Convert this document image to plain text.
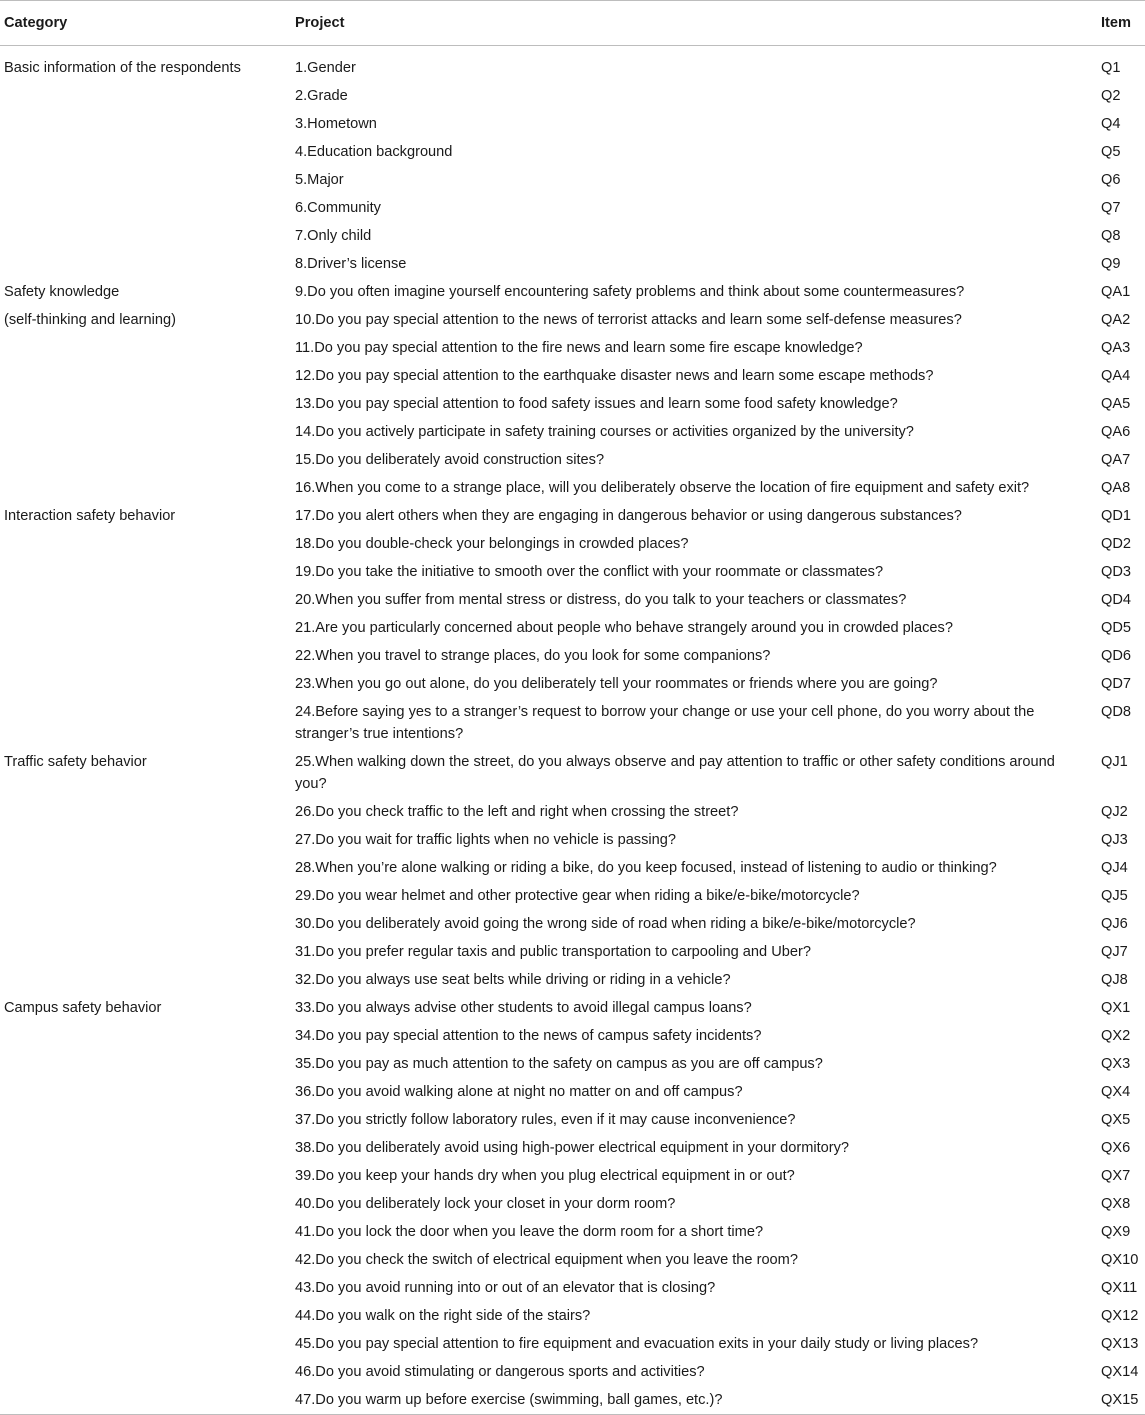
Category	Project	Item
Basic information of the respondents	1.Gender	Q1
	2.Grade	Q2
	3.Hometown	Q4
	4.Education background	Q5
	5.Major	Q6
	6.Community	Q7
	7.Only child	Q8
	8.Driver’s license	Q9
Safety knowledge	9.Do you often imagine yourself encountering safety problems and think about some countermeasures?	QA1
(self-thinking and learning)	10.Do you pay special attention to the news of terrorist attacks and learn some self-defense measures?	QA2
	11.Do you pay special attention to the fire news and learn some fire escape knowledge?	QA3
	12.Do you pay special attention to the earthquake disaster news and learn some escape methods?	QA4
	13.Do you pay special attention to food safety issues and learn some food safety knowledge?	QA5
	14.Do you actively participate in safety training courses or activities organized by the university?	QA6
	15.Do you deliberately avoid construction sites?	QA7
	16.When you come to a strange place, will you deliberately observe the location of fire equipment and safety exit?	QA8
Interaction safety behavior	17.Do you alert others when they are engaging in dangerous behavior or using dangerous substances?	QD1
	18.Do you double-check your belongings in crowded places?	QD2
	19.Do you take the initiative to smooth over the conflict with your roommate or classmates?	QD3
	20.When you suffer from mental stress or distress, do you talk to your teachers or classmates?	QD4
	21.Are you particularly concerned about people who behave strangely around you in crowded places?	QD5
	22.When you travel to strange places, do you look for some companions?	QD6
	23.When you go out alone, do you deliberately tell your roommates or friends where you are going?	QD7
	24.Before saying yes to a stranger’s request to borrow your change or use your cell phone, do you worry about the stranger’s true intentions?	QD8
Traffic safety behavior	25.When walking down the street, do you always observe and pay attention to traffic or other safety conditions around you?	QJ1
	26.Do you check traffic to the left and right when crossing the street?	QJ2
	27.Do you wait for traffic lights when no vehicle is passing?	QJ3
	28.When you’re alone walking or riding a bike, do you keep focused, instead of listening to audio or thinking?	QJ4
	29.Do you wear helmet and other protective gear when riding a bike/e-bike/motorcycle?	QJ5
	30.Do you deliberately avoid going the wrong side of road when riding a bike/e-bike/motorcycle?	QJ6
	31.Do you prefer regular taxis and public transportation to carpooling and Uber?	QJ7
	32.Do you always use seat belts while driving or riding in a vehicle?	QJ8
Campus safety behavior	33.Do you always advise other students to avoid illegal campus loans?	QX1
	34.Do you pay special attention to the news of campus safety incidents?	QX2
	35.Do you pay as much attention to the safety on campus as you are off campus?	QX3
	36.Do you avoid walking alone at night no matter on and off campus?	QX4
	37.Do you strictly follow laboratory rules, even if it may cause inconvenience?	QX5
	38.Do you deliberately avoid using high-power electrical equipment in your dormitory?	QX6
	39.Do you keep your hands dry when you plug electrical equipment in or out?	QX7
	40.Do you deliberately lock your closet in your dorm room?	QX8
	41.Do you lock the door when you leave the dorm room for a short time?	QX9
	42.Do you check the switch of electrical equipment when you leave the room?	QX10
	43.Do you avoid running into or out of an elevator that is closing?	QX11
	44.Do you walk on the right side of the stairs?	QX12
	45.Do you pay special attention to fire equipment and evacuation exits in your daily study or living places?	QX13
	46.Do you avoid stimulating or dangerous sports and activities?	QX14
	47.Do you warm up before exercise (swimming, ball games, etc.)?	QX15
